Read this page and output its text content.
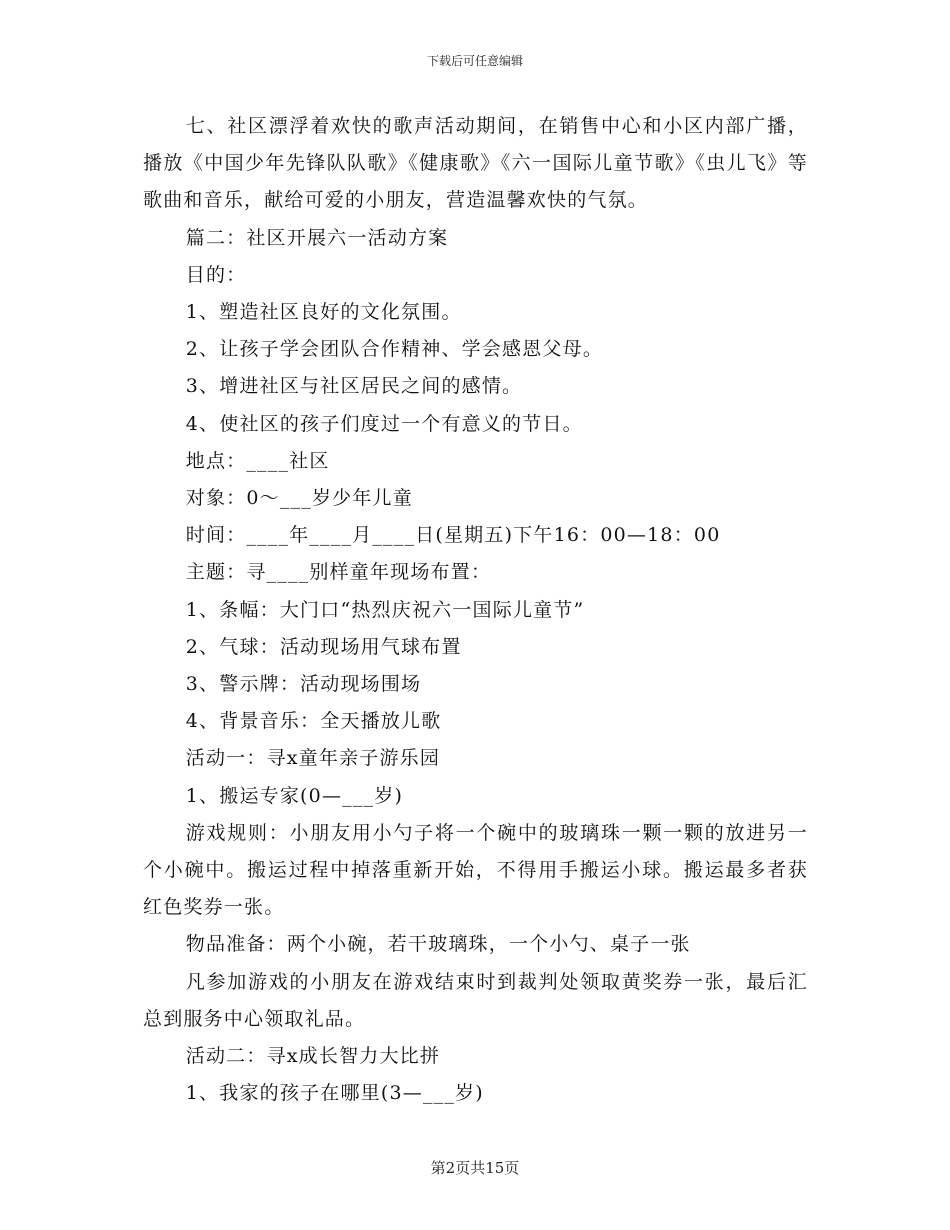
下载后可任意编辑

七、社区漂浮着欢快的歌声活动期间，在销售中心和小区内部广播，播放《中国少年先锋队队歌》《健康歌》《六一国际儿童节歌》《虫儿飞》等歌曲和音乐，献给可爱的小朋友，营造温馨欢快的气氛。

篇二：社区开展六一活动方案

目的：

1、塑造社区良好的文化氛围。

2、让孩子学会团队合作精神、学会感恩父母。

3、增进社区与社区居民之间的感情。

4、使社区的孩子们度过一个有意义的节日。

地点：____社区

对象：0～___岁少年儿童

时间：____年____月____日(星期五)下午16：00—18：00

主题：寻____别样童年现场布置：

1、条幅：大门口“热烈庆祝六一国际儿童节”

2、气球：活动现场用气球布置

3、警示牌：活动现场围场

4、背景音乐：全天播放儿歌

活动一：寻x童年亲子游乐园

1、搬运专家(0—___岁)

游戏规则：小朋友用小勺子将一个碗中的玻璃珠一颗一颗的放进另一个小碗中。搬运过程中掉落重新开始，不得用手搬运小球。搬运最多者获红色奖券一张。

物品准备：两个小碗，若干玻璃珠，一个小勺、桌子一张

凡参加游戏的小朋友在游戏结束时到裁判处领取黄奖券一张，最后汇总到服务中心领取礼品。

活动二：寻x成长智力大比拼

1、我家的孩子在哪里(3—___岁)

第2页共15页
